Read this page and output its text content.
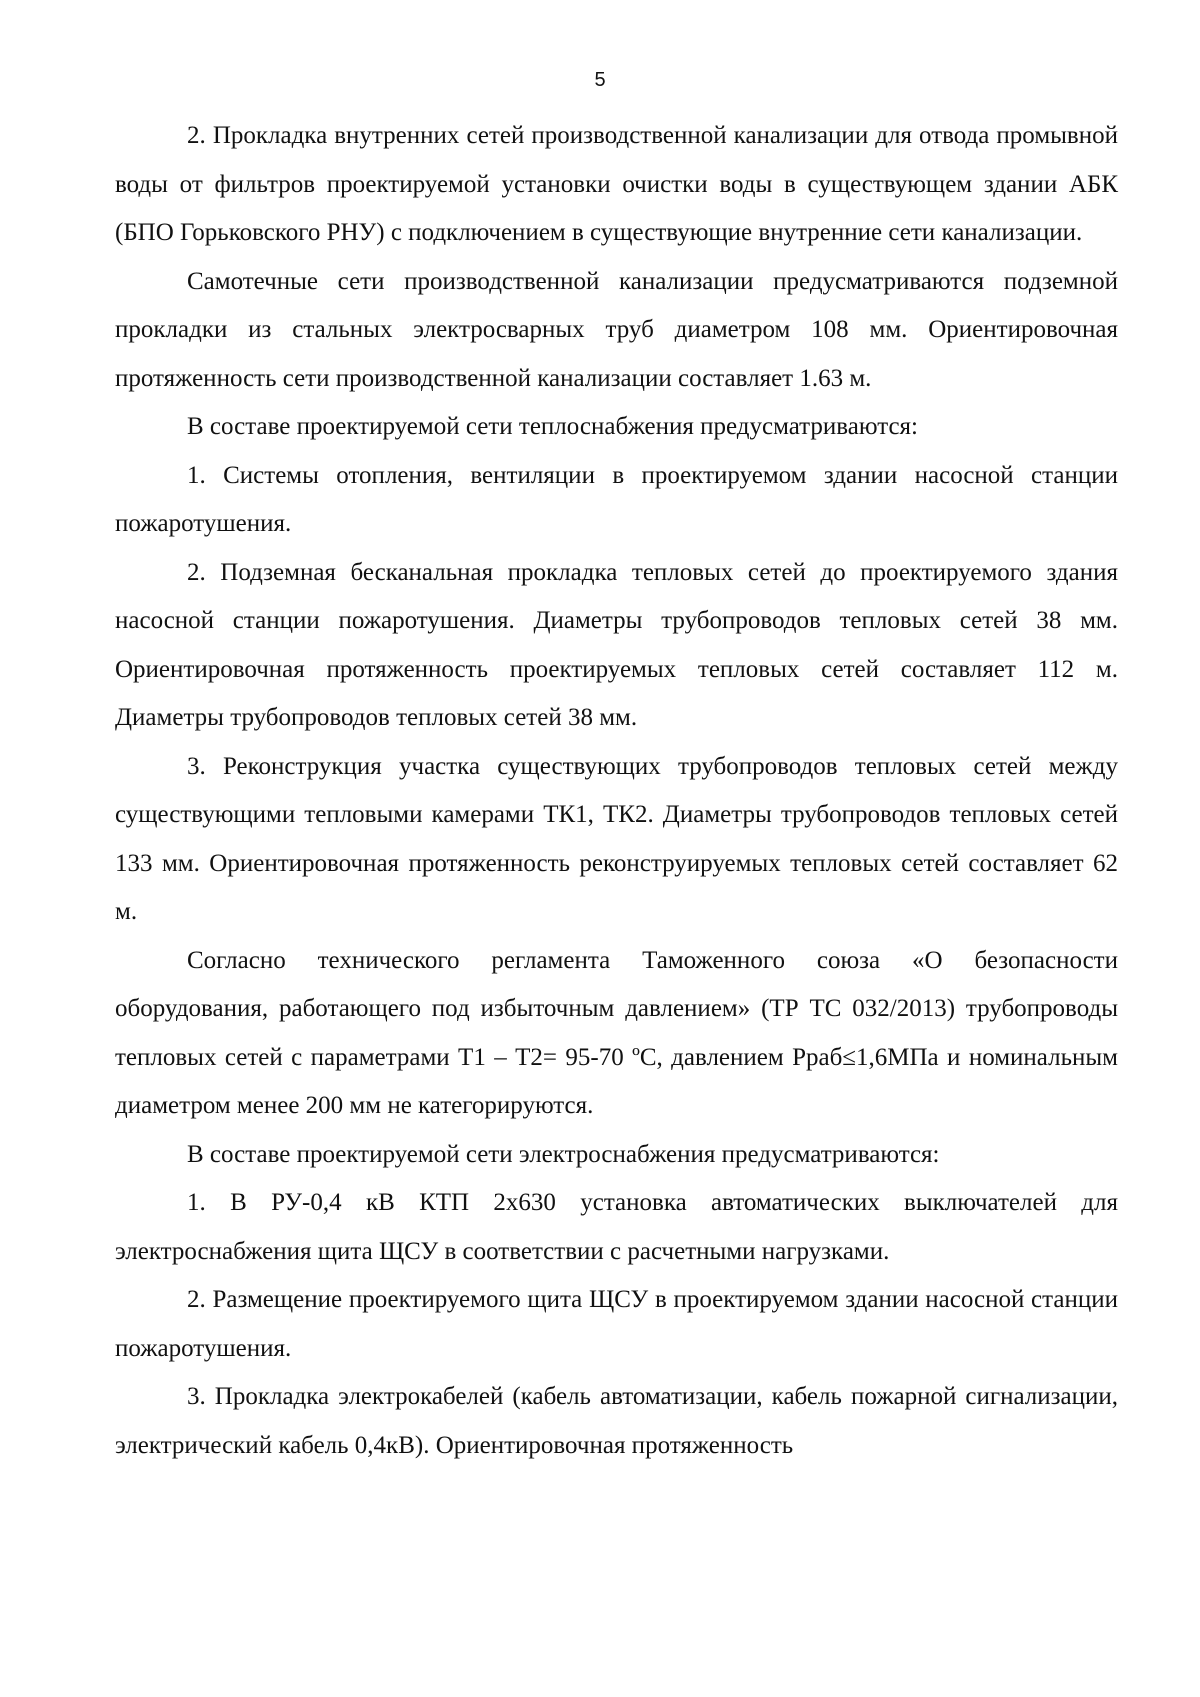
5

2. Прокладка внутренних сетей производственной канализации для отвода промывной воды от фильтров проектируемой установки очистки воды в существующем здании АБК (БПО Горьковского РНУ) с подключением в существующие внутренние сети канализации.

Самотечные сети производственной канализации предусматриваются подземной прокладки из стальных электросварных труб диаметром 108 мм. Ориентировочная протяженность сети производственной канализации составляет 1.63 м.

В составе проектируемой сети теплоснабжения предусматриваются:

1. Системы отопления, вентиляции в проектируемом здании насосной станции пожаротушения.

2. Подземная бесканальная прокладка тепловых сетей до проектируемого здания насосной станции пожаротушения. Диаметры трубопроводов тепловых сетей 38 мм. Ориентировочная протяженность проектируемых тепловых сетей составляет 112 м. Диаметры трубопроводов тепловых сетей 38 мм.

3. Реконструкция участка существующих трубопроводов тепловых сетей между существующими тепловыми камерами ТК1, ТК2. Диаметры трубопроводов тепловых сетей 133 мм. Ориентировочная протяженность реконструируемых тепловых сетей составляет 62 м.

Согласно технического регламента Таможенного союза «О безопасности оборудования, работающего под избыточным давлением» (ТР ТС 032/2013) трубопроводы тепловых сетей с параметрами Т1 – Т2= 95-70 ºС, давлением Рраб≤1,6МПа и номинальным диаметром менее 200 мм не категорируются.

В составе проектируемой сети электроснабжения предусматриваются:

1. В РУ-0,4 кВ КТП 2х630 установка автоматических выключателей для электроснабжения щита ЩСУ в соответствии с расчетными нагрузками.

2. Размещение проектируемого щита ЩСУ в проектируемом здании насосной станции пожаротушения.

3. Прокладка электрокабелей (кабель автоматизации, кабель пожарной сигнализации, электрический кабель 0,4кВ). Ориентировочная протяженность
